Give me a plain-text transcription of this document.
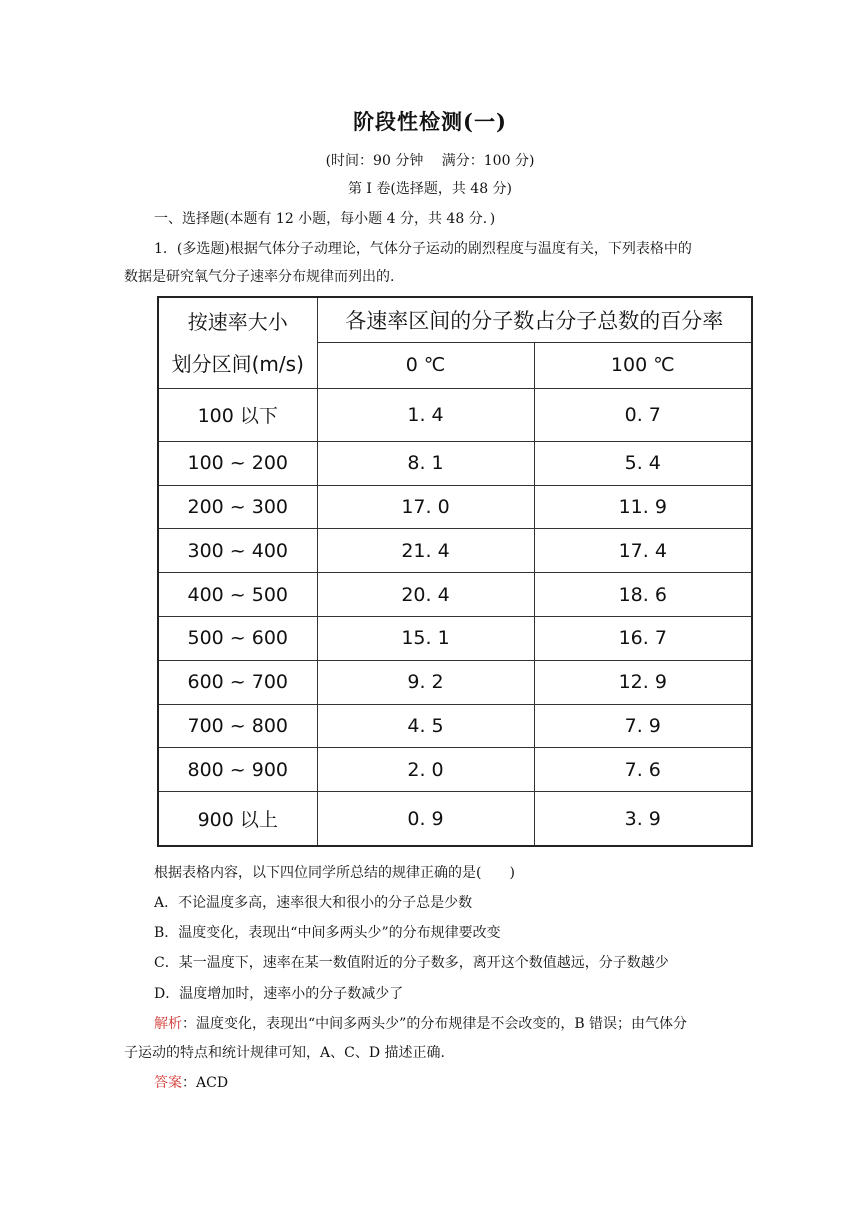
阶段性检测(一)
(时间：90 分钟　 满分：100 分)
第 I 卷(选择题，共 48 分)
一、选择题(本题有 12 小题，每小题 4 分，共 48 分．)
1．(多选题)根据气体分子动理论，气体分子运动的剧烈程度与温度有关，下列表格中的
数据是研究氧气分子速率分布规律而列出的.
按速率大小
划分区间(m/s)	各速率区间的分子数占分子总数的百分率	
	0 ℃	100 ℃
100 以下	1. 4	0. 7
100 ~ 200	8. 1	5. 4
200 ~ 300	17. 0	11. 9
300 ~ 400	21. 4	17. 4
400 ~ 500	20. 4	18. 6
500 ~ 600	15. 1	16. 7
600 ~ 700	9. 2	12. 9
700 ~ 800	4. 5	7. 9
800 ~ 900	2. 0	7. 6
900 以上	0. 9	3. 9
根据表格内容，以下四位同学所总结的规律正确的是(　　)
A．不论温度多高，速率很大和很小的分子总是少数
B．温度变化，表现出“中间多两头少”的分布规律要改变
C．某一温度下，速率在某一数值附近的分子数多，离开这个数值越远，分子数越少
D．温度增加时，速率小的分子数减少了
解析：温度变化，表现出“中间多两头少”的分布规律是不会改变的，B 错误；由气体分
子运动的特点和统计规律可知，A、C、D 描述正确.
答案：ACD
